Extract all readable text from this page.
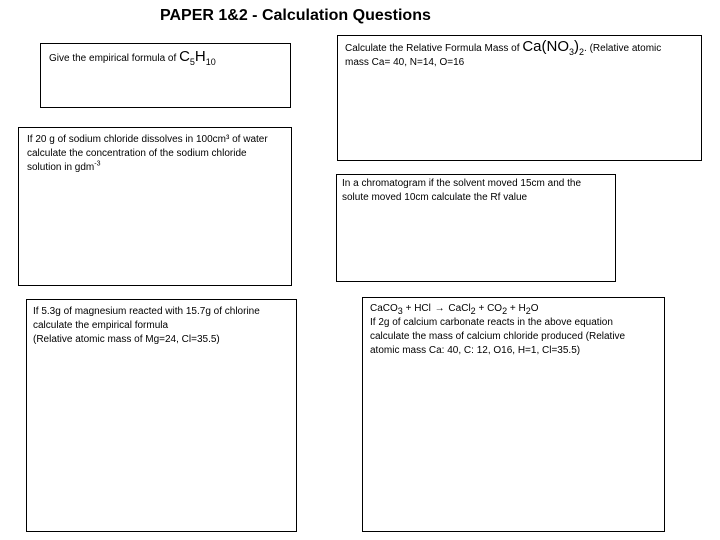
PAPER 1&2 - Calculation Questions
Give the empirical formula of $C_5H_{10}$
Calculate the Relative Formula Mass of $Ca(NO_3)_2$. (Relative atomic
mass Ca= 40, N=14, O=16
If 20 g of sodium chloride dissolves in 100cm³ of water
calculate the concentration of the sodium chloride
solution in gdm$^{-3}$
In a chromatogram if the solvent moved 15cm and the
solute moved 10cm calculate the Rf value
If 5.3g of magnesium reacted with 15.7g of chlorine
calculate the empirical formula
(Relative atomic mass of Mg=24, Cl=35.5)
CaCO$_3$ + HCl → CaCl$_2$ + $CO_2 + H_2O$
If 2g of calcium carbonate reacts in the above equation
calculate the mass of calcium chloride produced (Relative
atomic mass Ca: 40, C: 12, O16, H=1, Cl=35.5)
